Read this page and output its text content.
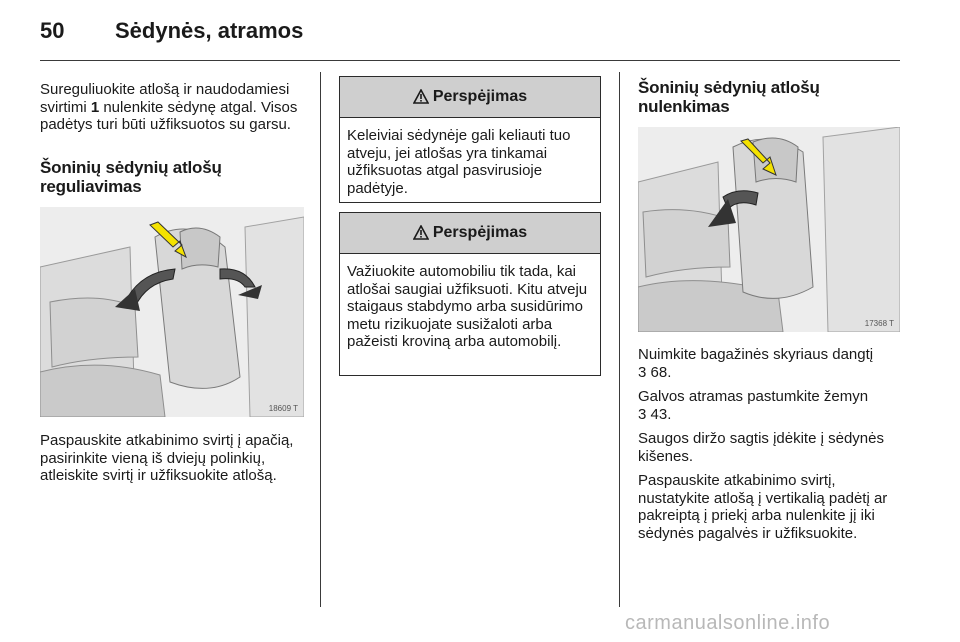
50 Sėdynės, atramos

Sureguliuokite atlošą ir naudodamiesi svirtimi 1 nulenkite sėdynę atgal. Visos padėtys turi būti užfiksuotos su garsu.

Šoninių sėdynių atlošų reguliavimas
18609 T

Paspauskite atkabinimo svirtį į apačią, pasirinkite vieną iš dviejų polinkių, atleiskite svirtį ir užfiksuokite atlošą.

Perspėjimas
Keleiviai sėdynėje gali keliauti tuo atveju, jei atlošas yra tinkamai užfiksuotas atgal pasvirusioje padėtyje.
Perspėjimas
Važiuokite automobiliu tik tada, kai atlošai saugiai užfiksuoti. Kitu atveju staigaus stabdymo arba susidūrimo metu rizikuojate susižaloti arba pažeisti kroviną arba automobilį.
Šoninių sėdynių atlošų nulenkimas
17368 T

Nuimkite bagažinės skyriaus dangtį

3 68.

Galvos atramas pastumkite žemyn

3 43.

Saugos diržo sagtis įdėkite į sėdynės kišenes.

Paspauskite atkabinimo svirtį, nustatykite atlošą į vertikalią padėtį ar pakreiptą į priekį arba nulenkite jį iki sėdynės pagalvės ir užfiksuokite.

carmanualsonline.info
